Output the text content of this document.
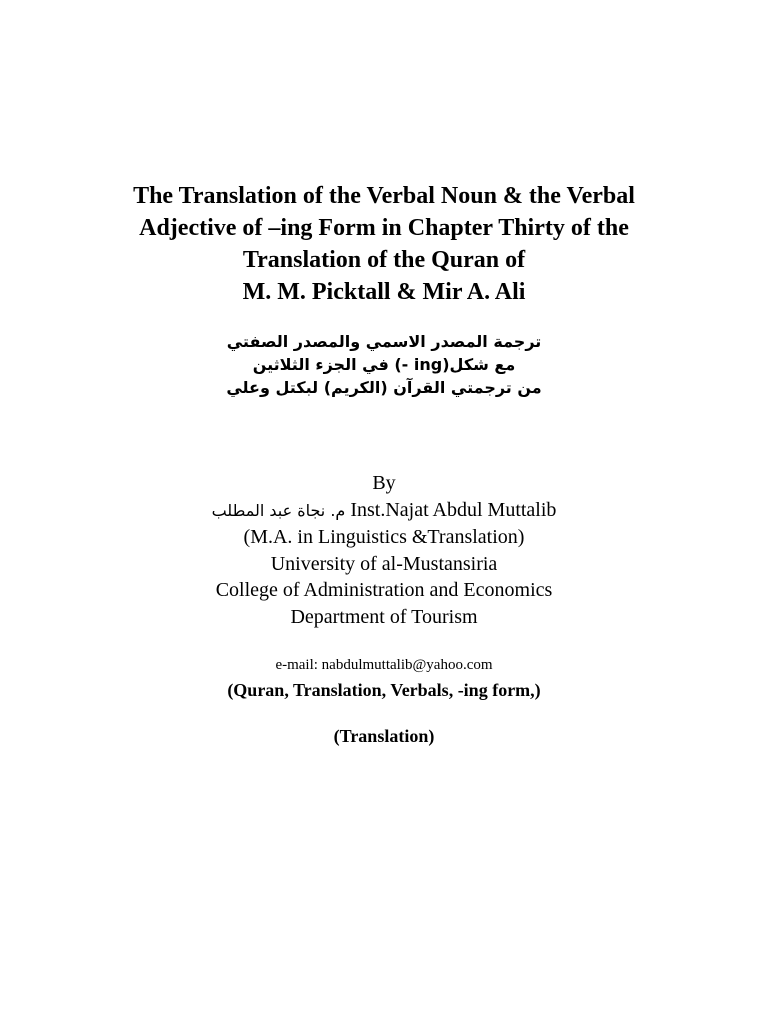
The Translation of the Verbal Noun & the Verbal
Adjective of –ing Form in Chapter Thirty of the
Translation of the Quran of
M. M. Picktall & Mir A. Ali
ترجمة المصدر الاسمي والمصدر الصفتي
مع شكل(ing -) في الجزء الثلاثين
من ترجمتي القرآن (الكريم) لبكتل وعلي
By
م. نجاة عبد المطلب Inst.Najat Abdul Muttalib
(M.A. in Linguistics &Translation)
University of al-Mustansiria
College of Administration and Economics
Department of Tourism
e-mail: nabdulmuttalib@yahoo.com
(Quran, Translation, Verbals, -ing form,)
(Translation)
